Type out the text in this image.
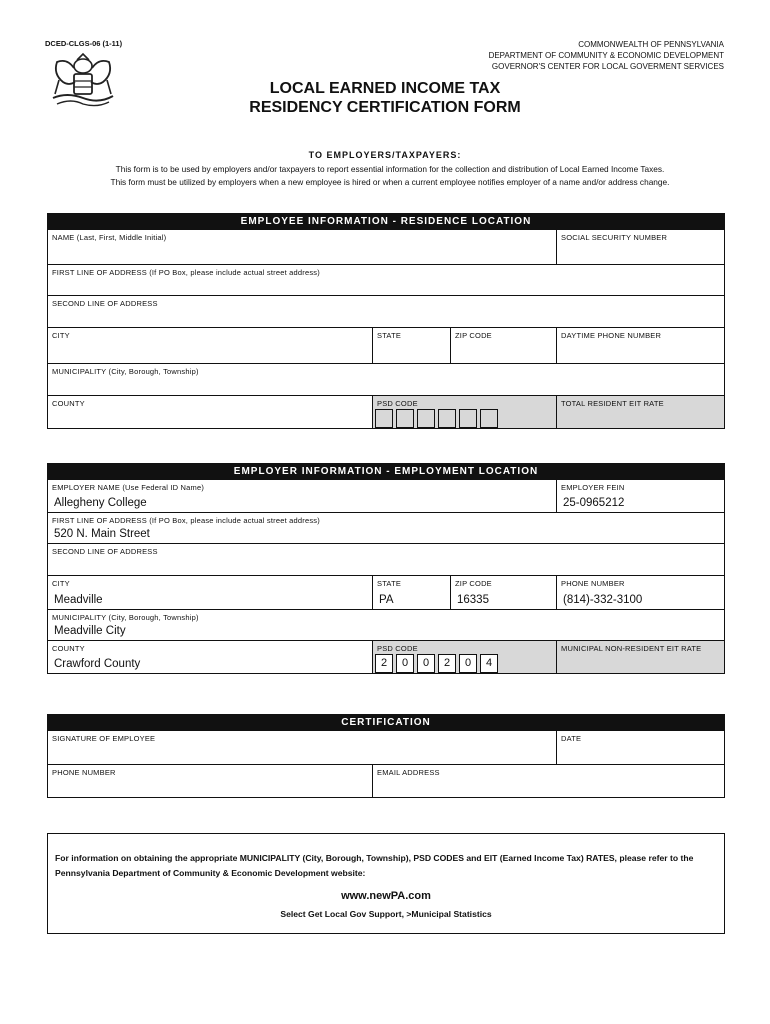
DCED-CLGS-06 (1-11)	COMMONWEALTH OF PENNSYLVANIA
DEPARTMENT OF COMMUNITY & ECONOMIC DEVELOPMENT
GOVERNOR'S CENTER FOR LOCAL GOVERMENT SERVICES
LOCAL EARNED INCOME TAX
RESIDENCY CERTIFICATION FORM
TO EMPLOYERS/TAXPAYERS:
This form is to be used by employers and/or taxpayers to report essential information for the collection and distribution of Local Earned Income Taxes.
This form must be utilized by employers when a new employee is hired or when a current employee notifies employer of a name and/or address change.
EMPLOYEE INFORMATION - RESIDENCE LOCATION
NAME (Last, First, Middle Initial)	SOCIAL SECURITY NUMBER
FIRST LINE OF ADDRESS (If PO Box, please include actual street address)
SECOND LINE OF ADDRESS
CITY	STATE	ZIP CODE	DAYTIME PHONE NUMBER
MUNICIPALITY (City, Borough, Township)
COUNTY	PSD CODE	TOTAL RESIDENT EIT RATE
EMPLOYER INFORMATION - EMPLOYMENT LOCATION
EMPLOYER NAME (Use Federal ID Name)
Allegheny College
EMPLOYER FEIN
25-0965212
FIRST LINE OF ADDRESS (If PO Box, please include actual street address)
520 N. Main Street
SECOND LINE OF ADDRESS
CITY
Meadville
STATE
PA
ZIP CODE
16335
PHONE NUMBER
(814)-332-3100
MUNICIPALITY (City, Borough, Township)
Meadville City
COUNTY
Crawford County
PSD CODE
2	0	0	2	0	4
MUNICIPAL NON-RESIDENT EIT RATE
CERTIFICATION
SIGNATURE OF EMPLOYEE	DATE
PHONE NUMBER	EMAIL ADDRESS
For information on obtaining the appropriate MUNICIPALITY (City, Borough, Township), PSD CODES and EIT (Earned Income Tax) RATES, please refer to the Pennsylvania Department of Community & Economic Development website:
www.newPA.com
Select Get Local Gov Support, >Municipal Statistics
